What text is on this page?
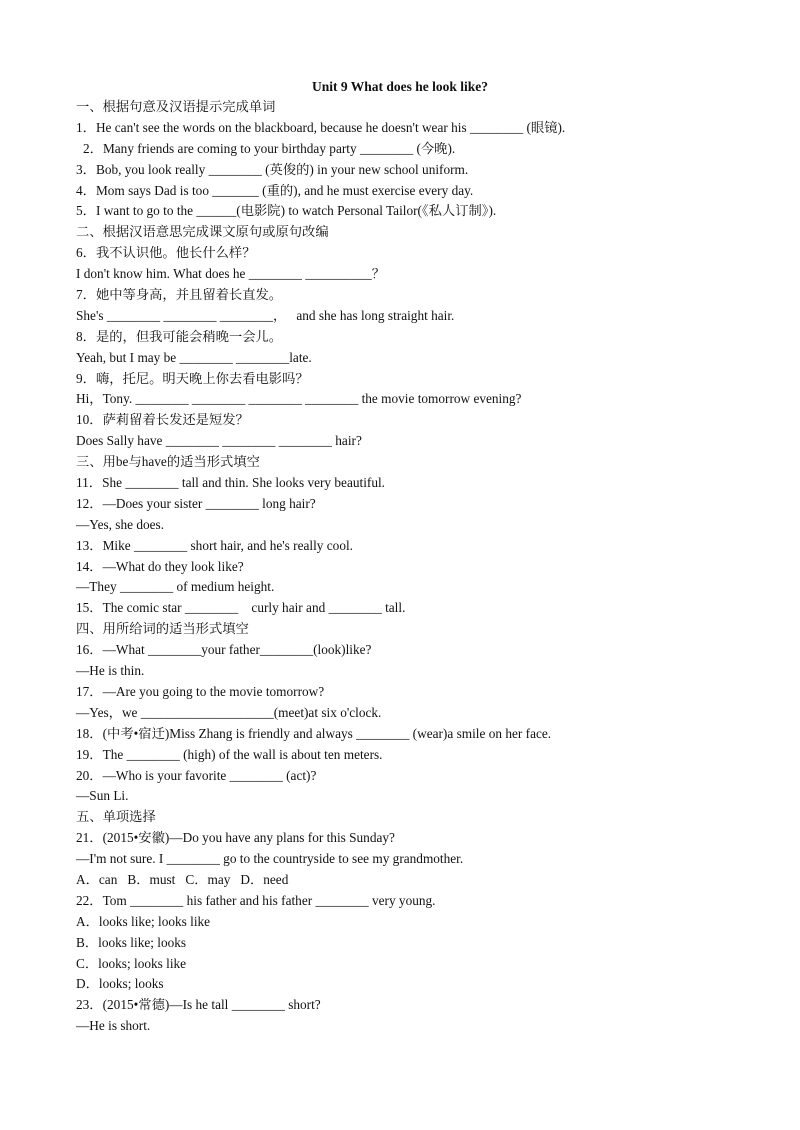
Unit 9 What does he look like?
一、根据句意及汉语提示完成单词
1．He can't see the words on the blackboard, because he doesn't wear his ________ (眼镜).
2．Many friends are coming to your birthday party ________ (今晚).
3．Bob, you look really ________ (英俊的) in your new school uniform.
4．Mom says Dad is too _______ (重的), and he must exercise every day.
5．I want to go to the ______(电影院) to watch Personal Tailor(《私人订制》).
二、根据汉语意思完成课文原句或原句改编
6．我不认识他。他长什么样？
I don't know him. What does he ________ __________？
7．她中等身高，并且留着长直发。
She's ________ ________ ________，   and she has long straight hair.
8．是的，但我可能会稍晚一会儿。
Yeah, but I may be ________ ________late.
9．嗨，托尼。明天晚上你去看电影吗？
Hi，Tony. ________ ________ ________ ________ the movie tomorrow evening?
10．萨莉留着长发还是短发？
Does Sally have ________ ________ ________ hair?
三、用be与have的适当形式填空
11．She ________ tall and thin. She looks very beautiful.
12．—Does your sister ________ long hair?
—Yes, she does.
13．Mike ________ short hair, and he's really cool.
14．—What do they look like?
—They ________ of medium height.
15．The comic star ________    curly hair and ________ tall.
四、用所给词的适当形式填空
16．—What ________your father________(look)like?
—He is thin.
17．—Are you going to the movie tomorrow?
—Yes，we ____________________(meet)at six o'clock.
18．(中考•宿迁)Miss Zhang is friendly and always ________ (wear)a smile on her face.
19．The ________ (high) of the wall is about ten meters.
20．—Who is your favorite ________ (act)?
—Sun Li.
五、单项选择
21．(2015•安徽)—Do you have any plans for this Sunday?
—I'm not sure. I ________ go to the countryside to see my grandmother.
A．can   B．must   C．may   D．need
22．Tom ________ his father and his father ________ very young.
A．looks like; looks like
B．looks like; looks
C．looks; looks like
D．looks; looks
23．(2015•常德)—Is he tall ________ short?
—He is short.
